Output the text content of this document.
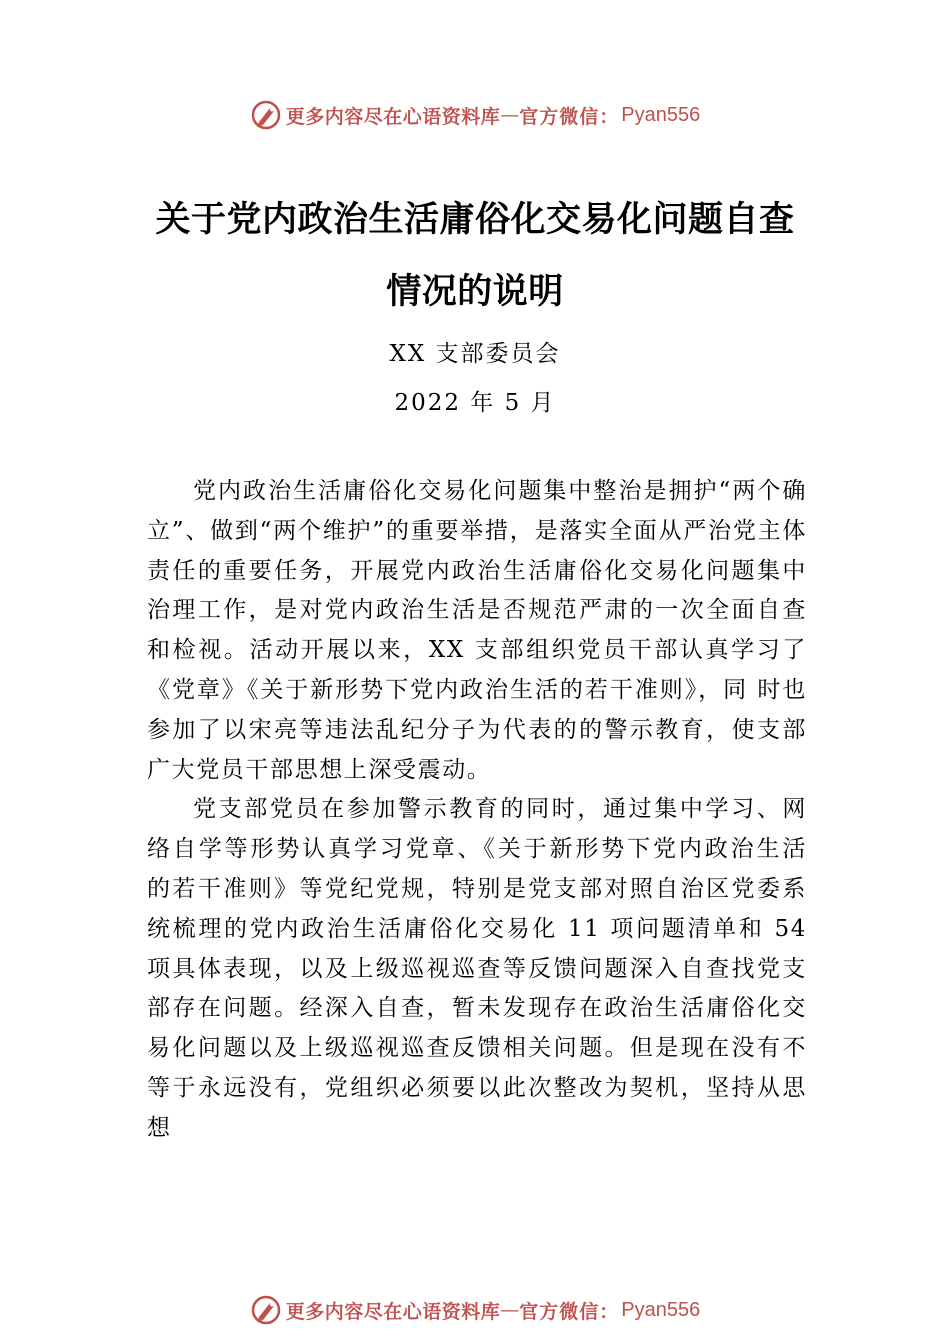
更多内容尽在心语资料库 — 官方微信： Pyan556
关于党内政治生活庸俗化交易化问题自查
情况的说明
XX 支部委员会
2022 年 5 月

党内政治生活庸俗化交易化问题集中整治是拥护“两个确立”、做到“两个维护”的重要举措，是落实全面从严治党主体责任的重要任务，开展党内政治生活庸俗化交易化问题集中治理工作，是对党内政治生活是否规范严肃的一次全面自查和检视。活动开展以来，XX 支部组织党员干部认真学习了《党章》《关于新形势下党内政治生活的若干准则》，同 时也参加了以宋亮等违法乱纪分子为代表的的警示教育，使支部广大党员干部思想上深受震动。

党支部党员在参加警示教育的同时，通过集中学习、网络自学等形势认真学习党章、《关于新形势下党内政治生活 的若干准则》等党纪党规，特别是党支部对照自治区党委系统梳理的党内政治生活庸俗化交易化 11 项问题清单和 54 项具体表现，以及上级巡视巡查等反馈问题深入自查找党支部存在问题。经深入自查，暂未发现存在政治生活庸俗化交易化问题以及上级巡视巡查反馈相关问题。但是现在没有不等于永远没有，党组织必须要以此次整改为契机，坚持从思想

更多内容尽在心语资料库 — 官方微信： Pyan556
